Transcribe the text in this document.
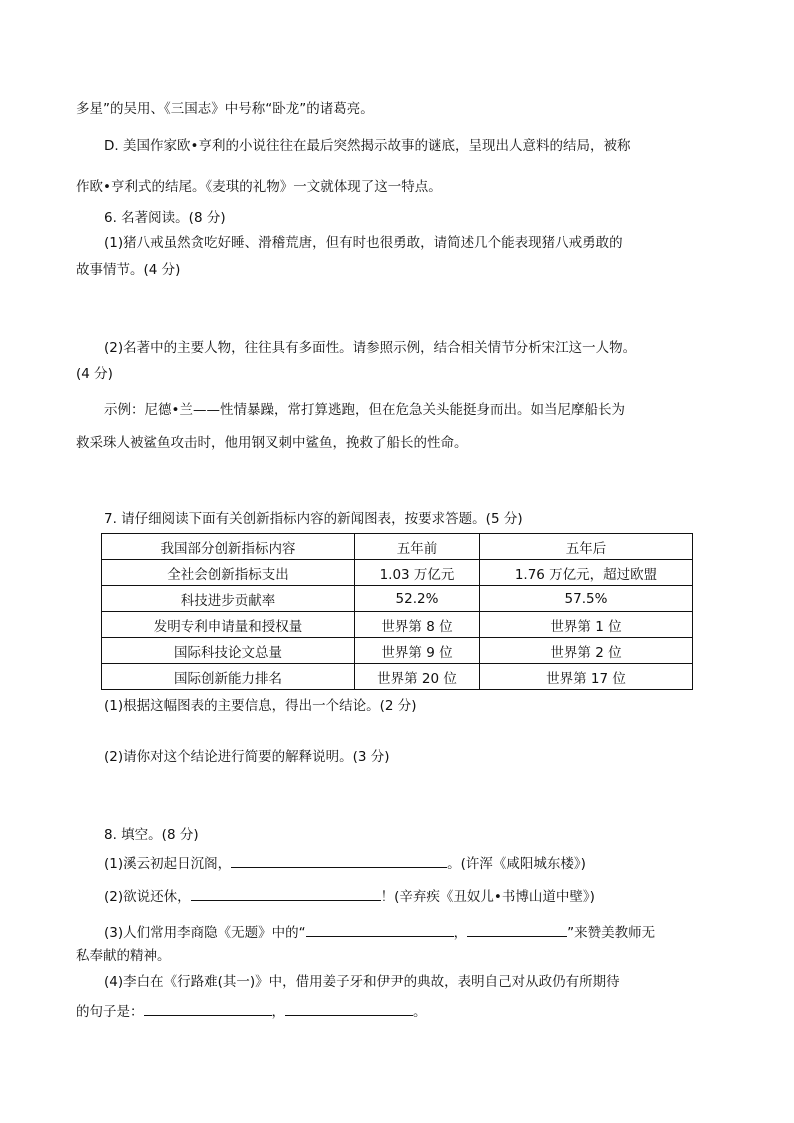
多星”的吴用、《三国志》中号称“卧龙”的诸葛亮。
D. 美国作家欧•亨利的小说往往在最后突然揭示故事的谜底，呈现出人意料的结局，被称
作欧•亨利式的结尾。《麦琪的礼物》一文就体现了这一特点。
6. 名著阅读。(8 分)
(1)猪八戒虽然贪吃好睡、滑稽荒唐，但有时也很勇敢，请简述几个能表现猪八戒勇敢的
故事情节。(4 分)
(2)名著中的主要人物，往往具有多面性。请参照示例，结合相关情节分析宋江这一人物。
(4 分)
示例：尼德•兰——性情暴躁，常打算逃跑，但在危急关头能挺身而出。如当尼摩船长为
救采珠人被鲨鱼攻击时，他用钢叉刺中鲨鱼，挽救了船长的性命。
7. 请仔细阅读下面有关创新指标内容的新闻图表，按要求答题。(5 分)
我国部分创新指标内容	五年前	五年后
全社会创新指标支出	1.03 万亿元	1.76 万亿元，超过欧盟
科技进步贡献率	52.2%	57.5%
发明专利申请量和授权量	世界第 8 位	世界第 1 位
国际科技论文总量	世界第 9 位	世界第 2 位
国际创新能力排名	世界第 20 位	世界第 17 位
(1)根据这幅图表的主要信息，得出一个结论。(2 分)
(2)请你对这个结论进行简要的解释说明。(3 分)
8. 填空。(8 分)
(1)溪云初起日沉阁，	。(许浑《咸阳城东楼》)
(2)欲说还休，	！(辛弃疾《丑奴儿•书博山道中壁》)
(3)人们常用李商隐《无题》中的“	，	”来赞美教师无
私奉献的精神。
(4)李白在《行路难(其一)》中，借用姜子牙和伊尹的典故，表明自己对从政仍有所期待
的句子是：	，	。
